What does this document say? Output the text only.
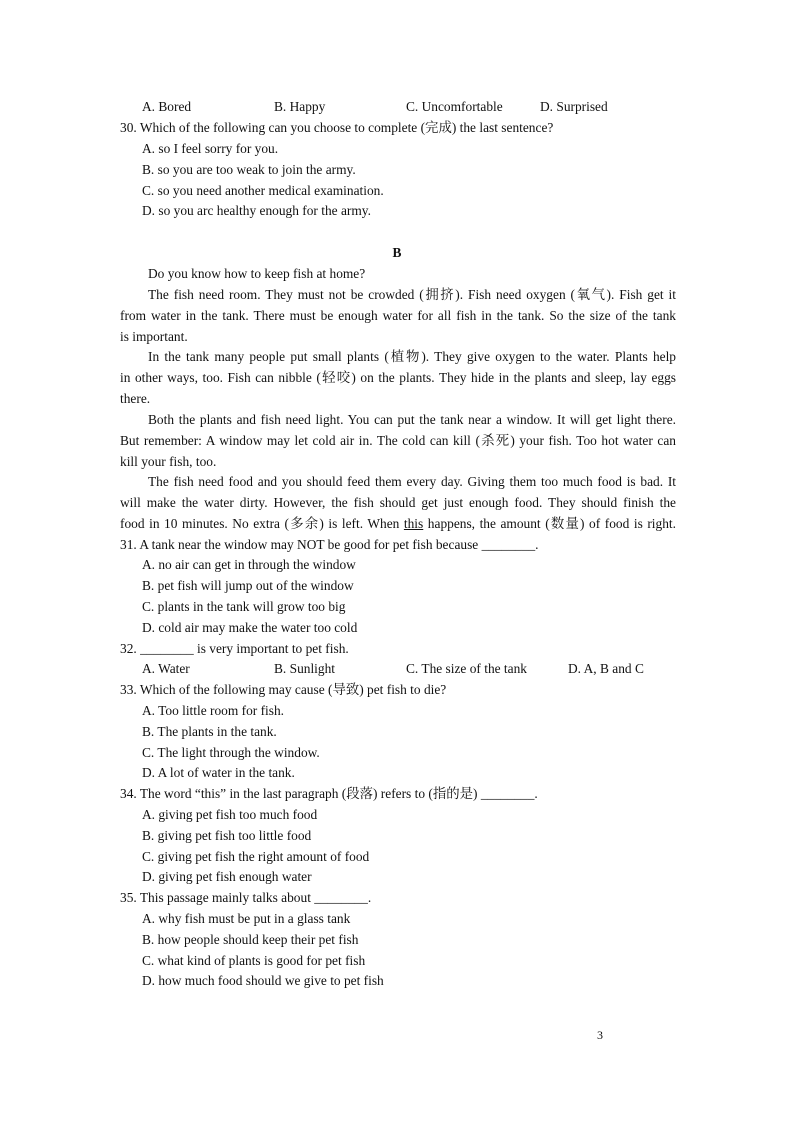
A. Bored	B. Happy	C. Uncomfortable	D. Surprised
30. Which of the following can you choose to complete (完成) the last sentence?
A. so I feel sorry for you.
B. so you are too weak to join the army.
C. so you need another medical examination.
D. so you arc healthy enough for the army.
B
Do you know how to keep fish at home?
The fish need room. They must not be crowded (拥挤). Fish need oxygen (氧气). Fish get it
from water in the tank. There must be enough water for all fish in the tank. So the size of the tank
is important.
In the tank many people put small plants (植物). They give oxygen to the water. Plants help
in other ways, too. Fish can nibble (轻咬) on the plants. They hide in the plants and sleep, lay eggs
there.
Both the plants and fish need light. You can put the tank near a window. It will get light there.
But remember: A window may let cold air in. The cold can kill (杀死) your fish. Too hot water can
kill your fish, too.
The fish need food and you should feed them every day. Giving them too much food is bad. It
will make the water dirty. However, the fish should get just enough food. They should finish the
food in 10 minutes. No extra (多余) is left. When this happens, the amount (数量) of food is right.
31. A tank near the window may NOT be good for pet fish because ________.
A. no air can get in through the window
B. pet fish will jump out of the window
C. plants in the tank will grow too big
D. cold air may make the water too cold
32. ________ is very important to pet fish.
A. Water	B. Sunlight	C. The size of the tank	D. A, B and C
33. Which of the following may cause (导致) pet fish to die?
A. Too little room for fish.
B. The plants in the tank.
C. The light through the window.
D. A lot of water in the tank.
34. The word “this” in the last paragraph (段落) refers to (指的是) ________.
A. giving pet fish too much food
B. giving pet fish too little food
C. giving pet fish the right amount of food
D. giving pet fish enough water
35. This passage mainly talks about ________.
A. why fish must be put in a glass tank
B. how people should keep their pet fish
C. what kind of plants is good for pet fish
D. how much food should we give to pet fish
3
